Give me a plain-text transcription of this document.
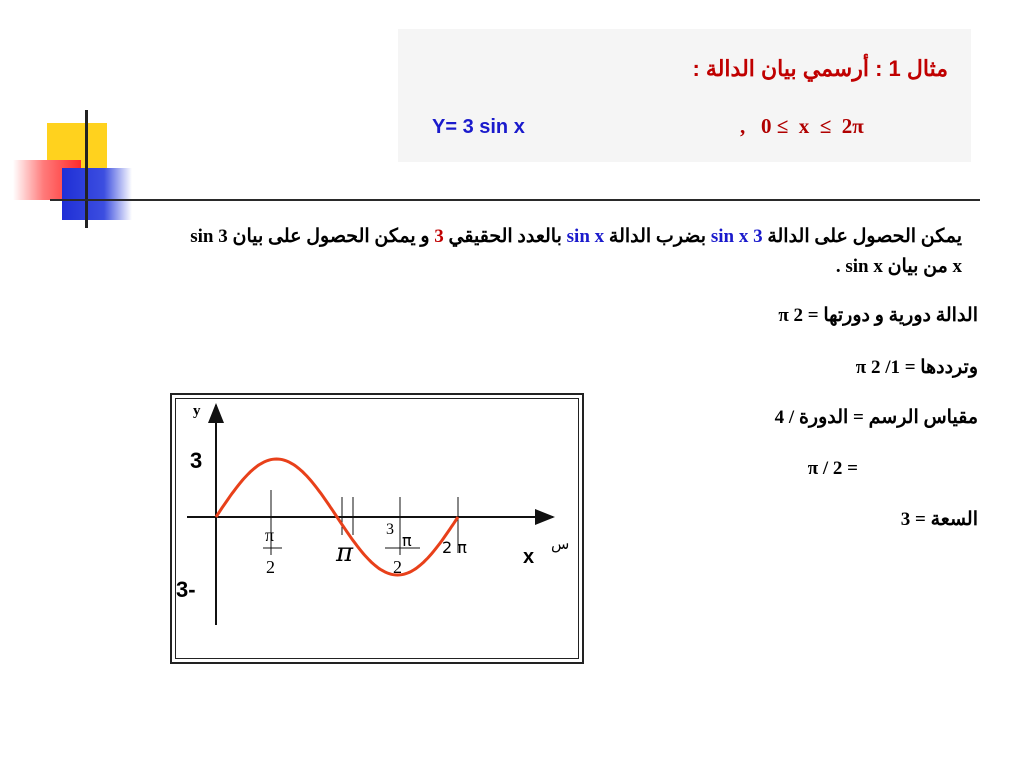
مثال 1 : أرسمي بيان الدالة :
Y= 3 sin x	,   0 ≤  x  ≤  2π
يمكن الحصول على الدالة 3 sin x بضرب الدالة sin x بالعدد الحقيقي 3 و يمكن الحصول على بيان 3 sin x من بيان sin x .
الدالة دورية و دورتها = 2 π
وترددها = π 2 /1
مقياس الرسم = الدورة / 4
= 2 / π
السعة = 3
y
3
3-
π
2 π
3
π
2
2 π	س
x
